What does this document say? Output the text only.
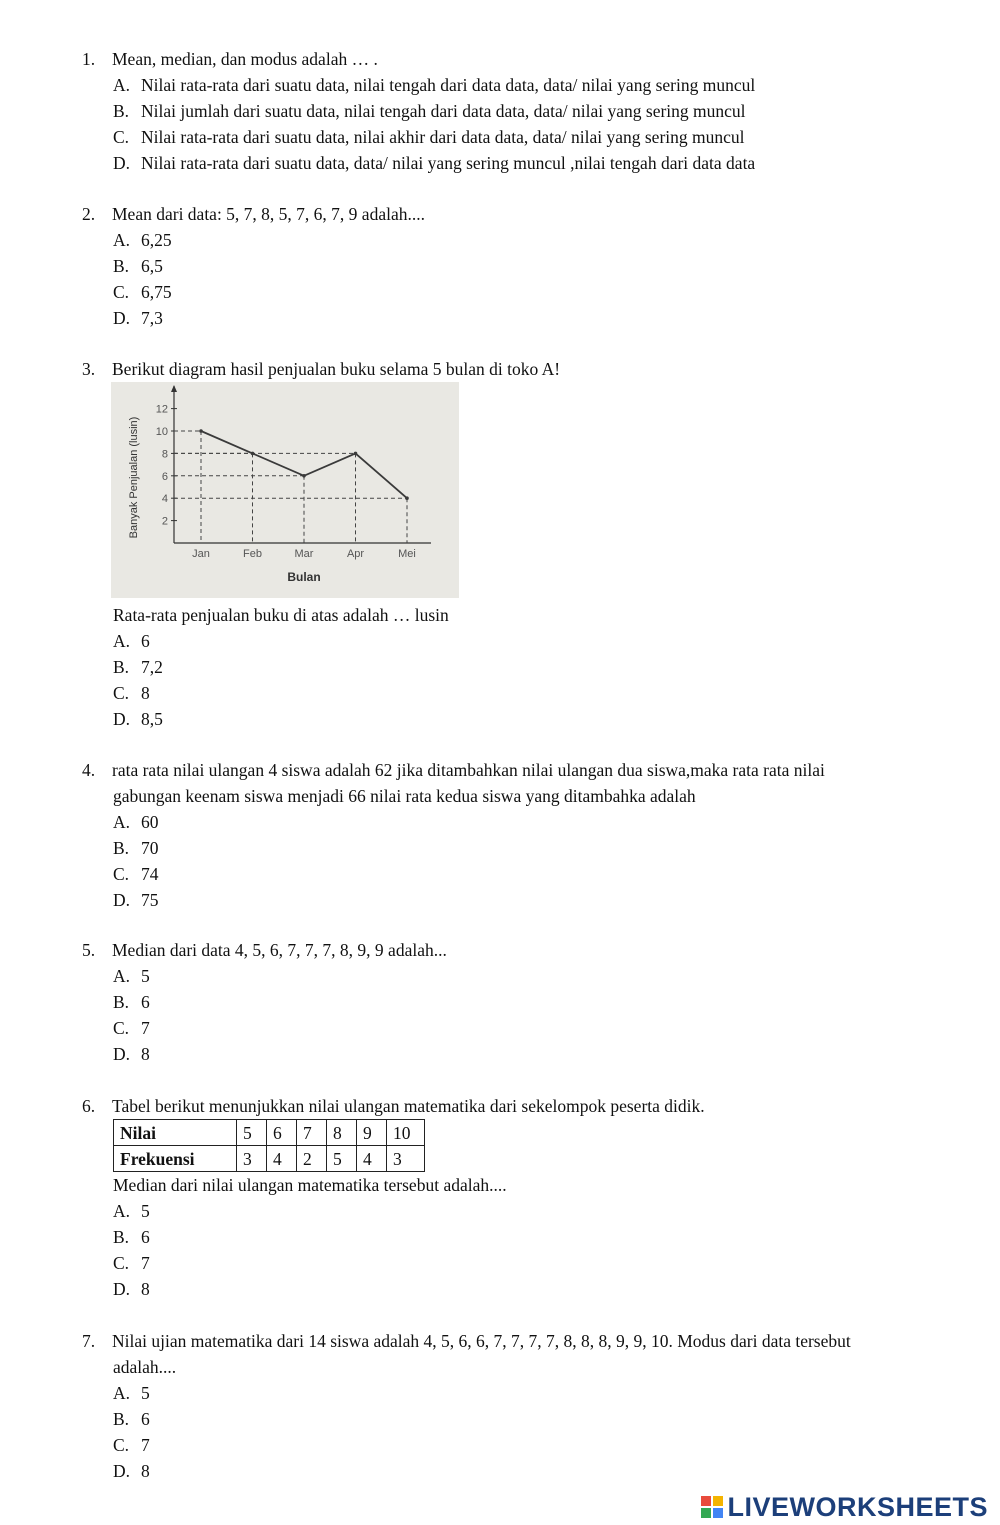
1. Mean, median, dan modus adalah … .
A. Nilai rata-rata dari suatu data, nilai tengah dari data data, data/ nilai yang sering muncul
B. Nilai jumlah dari suatu data, nilai tengah dari data data, data/ nilai yang sering muncul
C. Nilai rata-rata dari suatu data, nilai akhir dari data data, data/ nilai yang sering muncul
D. Nilai rata-rata dari suatu data, data/ nilai yang sering muncul ,nilai tengah dari data data
2. Mean dari data: 5, 7, 8, 5, 7, 6, 7, 9 adalah....
A. 6,25
B. 6,5
C. 6,75
D. 7,3
3. Berikut diagram hasil penjualan buku selama 5 bulan di toko A!
2
4
6
8
10
12
Jan	Feb	Mar	Apr	Mei
Bulan
Banyak Penjualan (lusin)
Rata-rata penjualan buku di atas adalah … lusin
A. 6
B. 7,2
C. 8
D. 8,5
4. rata rata nilai ulangan 4 siswa adalah 62 jika ditambahkan nilai ulangan dua siswa,maka rata rata nilai
gabungan keenam siswa menjadi 66 nilai rata kedua siswa yang ditambahka adalah
A. 60
B. 70
C. 74
D. 75
5. Median dari data 4, 5, 6, 7, 7, 7, 8, 9, 9 adalah...
A. 5
B. 6
C. 7
D. 8
6. Tabel berikut menunjukkan nilai ulangan matematika dari sekelompok peserta didik.
Nilai	5	6	7	8	9	10
Frekuensi	3	4	2	5	4	3
Median dari nilai ulangan matematika tersebut adalah....
A. 5
B. 6
C. 7
D. 8
7. Nilai ujian matematika dari 14 siswa adalah 4, 5, 6, 6, 7, 7, 7, 7, 8, 8, 8, 9, 9, 10. Modus dari data tersebut
adalah....
A. 5
B. 6
C. 7
D. 8
LIVEWORKSHEETS
